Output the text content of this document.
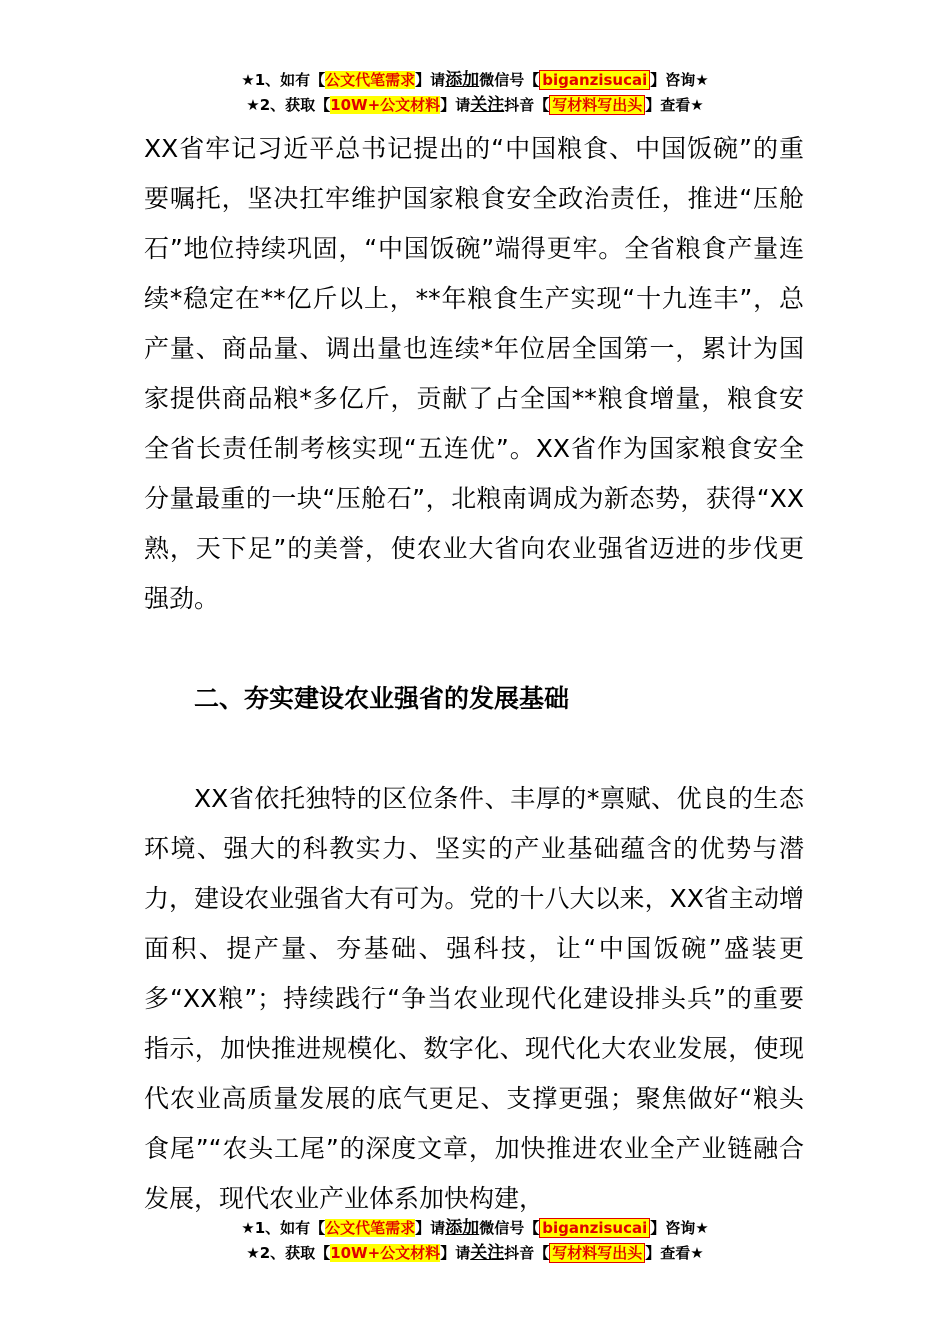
★1、如有【公文代笔需求】请添加微信号【 biganzisucai 】咨询★
★2、获取【10W+公文材料】请关注抖音【 写材料写出头 】查看★

XX省牢记习近平总书记提出的“中国粮食、中国饭碗”的重要嘱托，坚决扛牢维护国家粮食安全政治责任，推进“压舱石”地位持续巩固，“中国饭碗”端得更牢。全省粮食产量连续*稳定在**亿斤以上，**年粮食生产实现“十九连丰”，总产量、商品量、调出量也连续*年位居全国第一，累计为国家提供商品粮*多亿斤，贡献了占全国**粮食增量，粮食安全省长责任制考核实现“五连优”。XX省作为国家粮食安全分量最重的一块“压舱石”，北粮南调成为新态势，获得“XX熟，天下足”的美誉，使农业大省向农业强省迈进的步伐更强劲。

二、夯实建设农业强省的发展基础

XX省依托独特的区位条件、丰厚的*禀赋、优良的生态环境、强大的科教实力、坚实的产业基础蕴含的优势与潜力，建设农业强省大有可为。党的十八大以来，XX省主动增面积、提产量、夯基础、强科技，让“中国饭碗”盛装更多“XX粮”；持续践行“争当农业现代化建设排头兵”的重要指示，加快推进规模化、数字化、现代化大农业发展，使现代农业高质量发展的底气更足、支撑更强；聚焦做好“粮头食尾”“农头工尾”的深度文章，加快推进农业全产业链融合发展，现代农业产业体系加快构建，

★1、如有【公文代笔需求】请添加微信号【 biganzisucai 】咨询★
★2、获取【10W+公文材料】请关注抖音【 写材料写出头 】查看★
